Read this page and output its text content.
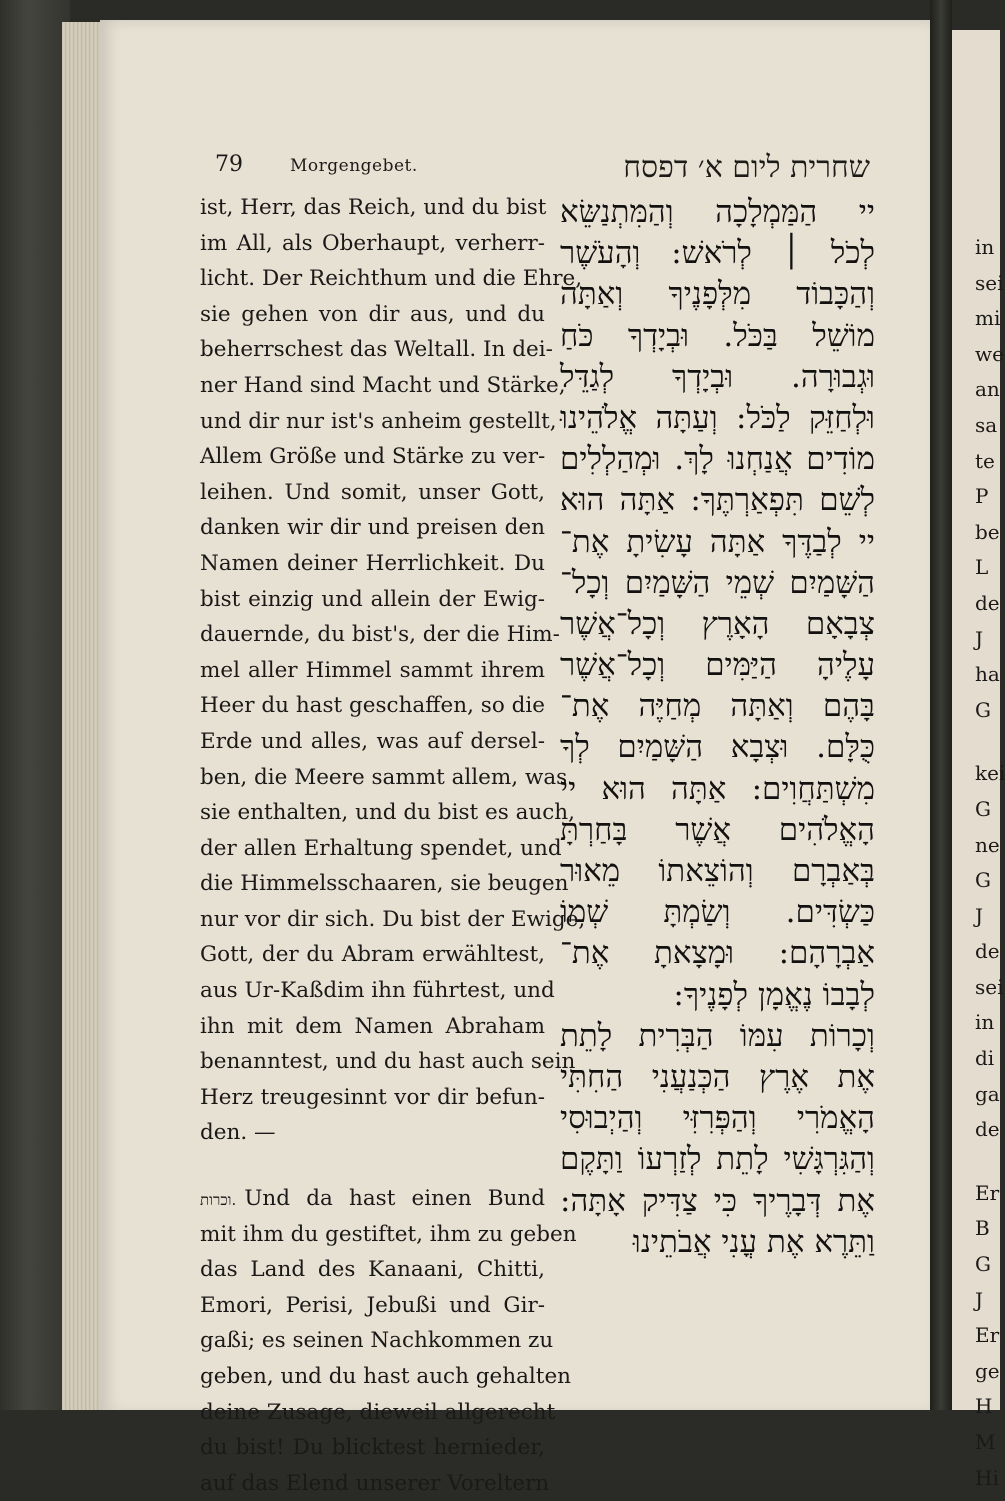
79	Morgengebet.	שחרית ליום א׳ דפסח
ist, Herr, das Reich, und du bist
im All, als Oberhaupt, verherr-
licht. Der Reichthum und die Ehre,
sie gehen von dir aus, und du
beherrschest das Weltall. In dei-
ner Hand sind Macht und Stärke,
und dir nur ist's anheim gestellt,
Allem Größe und Stärke zu ver-
leihen. Und somit, unser Gott,
danken wir dir und preisen den
Namen deiner Herrlichkeit. Du
bist einzig und allein der Ewig-
dauernde, du bist's, der die Him-
mel aller Himmel sammt ihrem
Heer du hast geschaffen, so die
Erde und alles, was auf dersel-
ben, die Meere sammt allem, was
sie enthalten, und du bist es auch,
der allen Erhaltung spendet, und
die Himmelsschaaren, sie beugen
nur vor dir sich. Du bist der Ewige,
Gott, der du Abram erwähltest,
aus Ur-Kaßdim ihn führtest, und
ihn mit dem Namen Abraham
benanntest, und du hast auch sein
Herz treugesinnt vor dir befun-
den. —
וכרות. Und da hast einen Bund
mit ihm du gestiftet, ihm zu geben
das Land des Kanaani, Chitti,
Emori, Perisi, Jebußi und Gir-
gaßi; es seinen Nachkommen zu
geben, und du hast auch gehalten
deine Zusage, dieweil allgerecht
du bist! Du blicktest hernieder,
auf das Elend unserer Voreltern
יי הַמַּמְלָכָה וְהַמִּתְנַשֵּׂא
לְכֹל ׀ לְרֹאשׁ: וְהָעֹשֶׁר
וְהַכָּבוֹד מִלְּפָנֶיךָ וְאַתָּה
מוֹשֵׁל בַּכֹּל. וּבְיָדְךָ כֹּחַ
וּגְבוּרָה. וּבְיָדְךָ לְגַדֵּל
וּלְחַזֵּק לַכֹּל: וְעַתָּה אֱלֹהֵינוּ
מוֹדִים אֲנַחְנוּ לָךְ. וּמְהַלְלִים
לְשֵׁם תִּפְאַרְתֶּךָ: אַתָּה הוּא
יי לְבַדֶּךָ אַתָּה עָשִׂיתָ אֶת־
הַשָּׁמַיִם שְׁמֵי הַשָּׁמַיִם וְכָל־
צְבָאָם הָאָרֶץ וְכָל־אֲשֶׁר
עָלֶיהָ הַיַּמִּים וְכָל־אֲשֶׁר
בָּהֶם וְאַתָּה מְחַיֶּה אֶת־
כֻּלָּם. וּצְבָא הַשָּׁמַיִם לְךָ
מִשְׁתַּחֲוִים: אַתָּה הוּא יי
הָאֱלֹהִים אֲשֶׁר בָּחַרְתָּ
בְּאַבְרָם וְהוֹצֵאתוֹ מֵאוּר
כַּשְׂדִּים. וְשַׂמְתָּ שְׁמוֹ
אַבְרָהָם: וּמָצָאתָ אֶת־
לְבָבוֹ נֶאֱמָן לְפָנֶיךָ:
וְכָרוֹת עִמּוֹ הַבְּרִית לָתֵת
אֶת אֶרֶץ הַכְּנַעֲנִי הַחִתִּי
הָאֱמֹרִי וְהַפְּרִזִּי וְהַיְבוּסִי
וְהַגִּרְגָּשִׁי לָתֵת לְזַרְעוֹ וַתָּקֶם
אֶת דְּבָרֶיךָ כִּי צַדִּיק אָתָּה:
וַתֵּרֶא אֶת עֳנִי אֲבֹתֵינוּ
in
sei
mi
we
an
sa
te
P
be
L
de
J
ha
G
kei
G
ne
G
J
de
sei
in
di
ga
de
Er
B
G
J
Er
ge
H
M
Hi
